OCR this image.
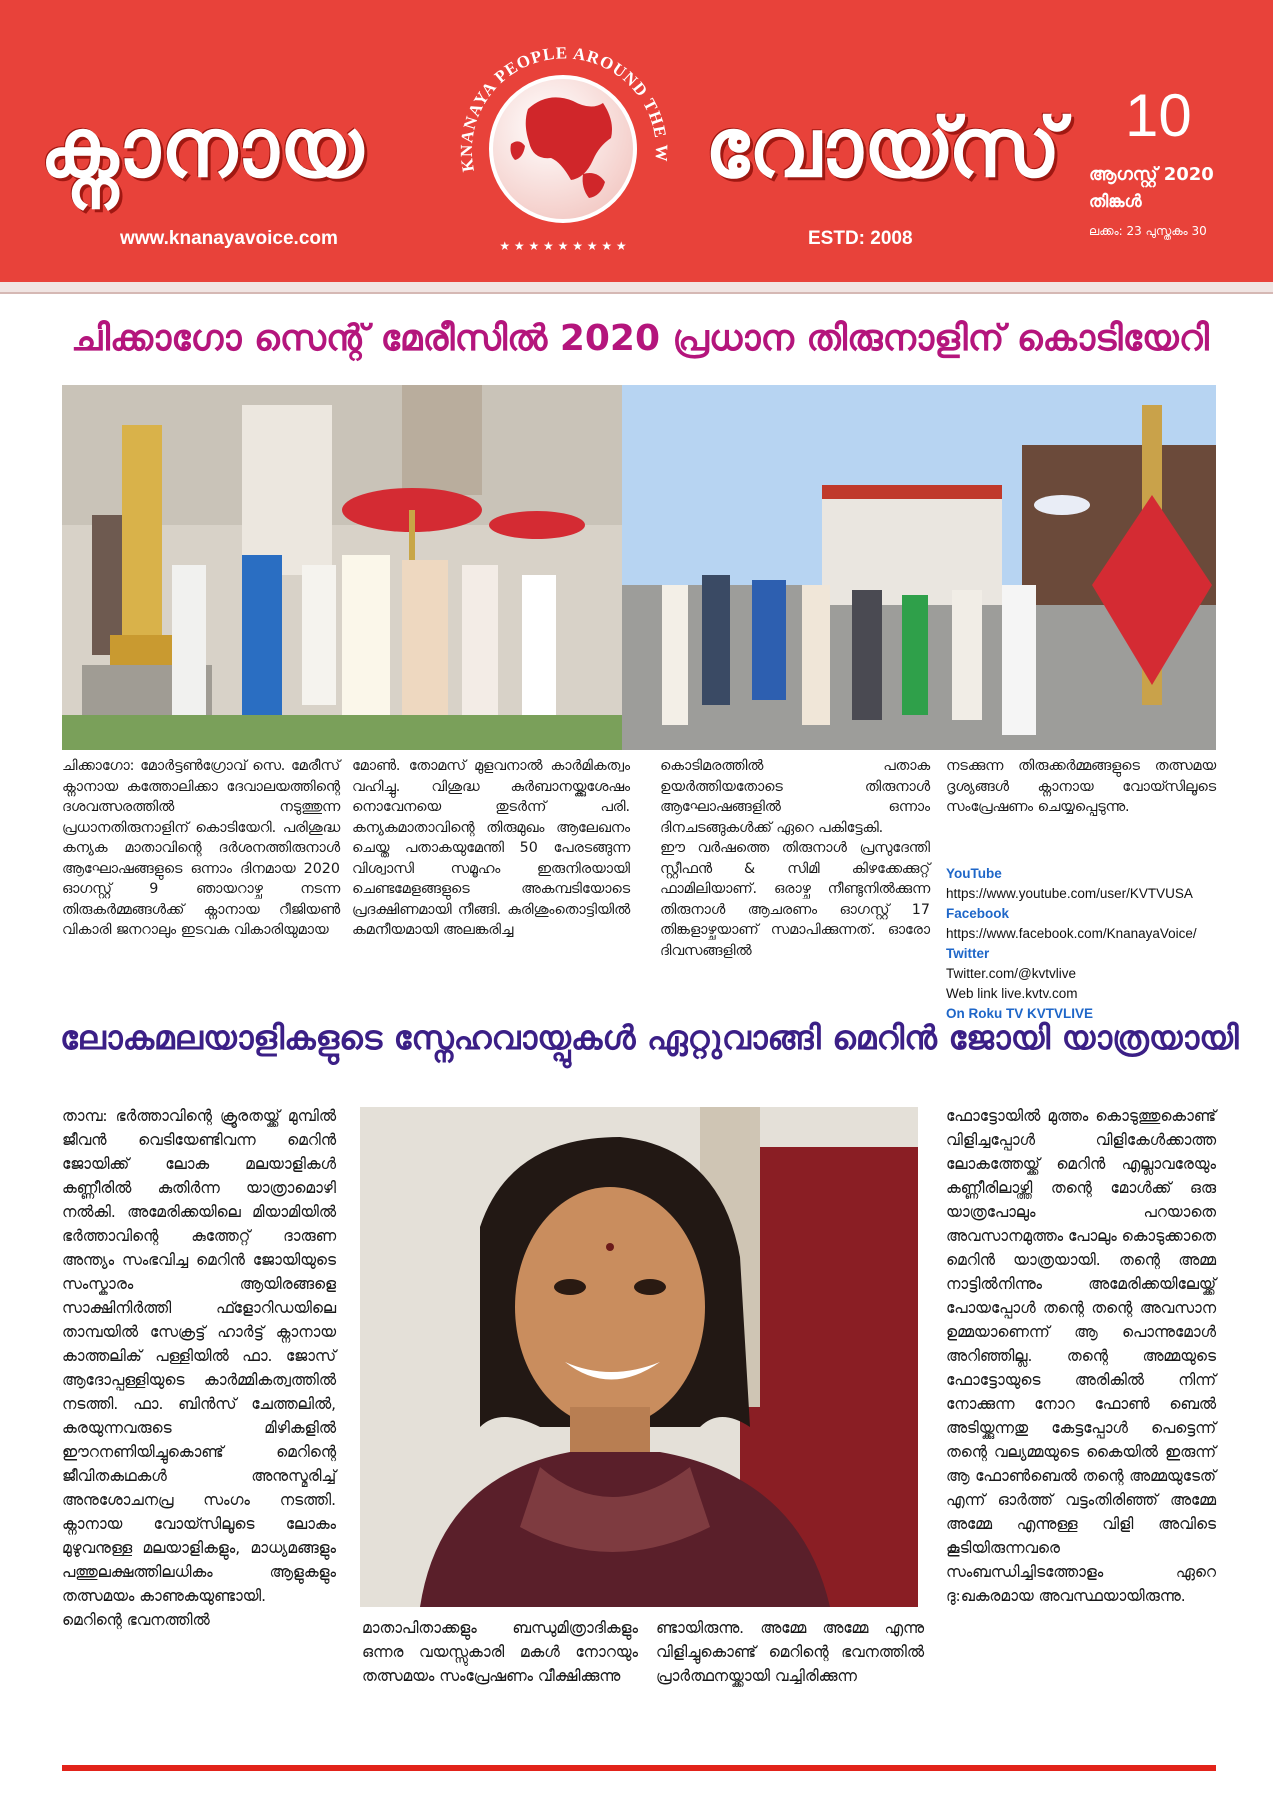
ക്നാനായ	KNANAYA PEOPLE AROUND THE W
★ ★ ★ ★ ★ ★ ★ ★ ★
വോയ്സ്
www.knanayavoice.com	ESTD: 2008
10
ആഗസ്റ്റ് 2020
തിങ്കൾ
ലക്കം: 23 പുസ്തകം 30
ചിക്കാഗോ സെന്റ് മേരീസിൽ 2020 പ്രധാന തിരുനാളിന് കൊടിയേറി
ചിക്കാഗോ: മോർട്ടൺഗ്രോവ് സെ. മേരീസ് ക്നാനായ കത്തോലിക്കാ ദേവാലയത്തിന്റെ ദശവത്സരത്തിൽ നടുത്തുന്ന പ്രധാനതിരുനാളിന് കൊടിയേറി. പരിശുദ്ധ കന്യക മാതാവിന്റെ ദർശനത്തിരുനാൾ ആഘോഷങ്ങളുടെ ഒന്നാം ദിനമായ 2020 ഓഗസ്റ്റ് 9 ഞായറാഴ്ച നടന്ന തിരുകർമ്മങ്ങൾക്ക് ക്നാനായ റീജിയൺ വികാരി ജനറാലും ഇടവക വികാരിയുമായ
മോൺ. തോമസ് മുളവനാൽ കാർമികത്വം വഹിച്ചു. വിശുദ്ധ കുർബാനയ്ക്കുശേഷം നൊവേനയെ തുടർന്ന് പരി. കന്യകമാതാവിന്റെ തിരുമുഖം ആലേഖനം ചെയ്ത പതാകയുമേന്തി 50 പേരടങ്ങുന്ന വിശ്വാസി സമൂഹം ഇരുനിരയായി ചെണ്ടമേളങ്ങളുടെ അകമ്പടിയോടെ പ്രദക്ഷിണമായി നീങ്ങി. കുരിശുംതൊട്ടിയിൽ കമനീയമായി അലങ്കരിച്ച
കൊടിമരത്തിൽ പതാക ഉയർത്തിയതോടെ തിരുനാൾ ആഘോഷങ്ങളിൽ ഒന്നാം ദിനചടങ്ങുകൾക്ക് ഏറെ പകിട്ടേകി.
ഈ വർഷത്തെ തിരുനാൾ പ്രസുദേന്തി സ്റ്റീഫൻ & സിമി കിഴക്കേക്കുറ്റ് ഫാമിലിയാണ്. ഒരാഴ്ച നീണ്ടുനിൽക്കുന്ന തിരുനാൾ ആചരണം ഓഗസ്റ്റ് 17 തിങ്കളാഴ്ചയാണ് സമാപിക്കുന്നത്. ഓരോ ദിവസങ്ങളിൽ
നടക്കുന്ന തിരുക്കർമ്മങ്ങളുടെ തത്സമയ ദൃശ്യങ്ങൾ ക്നാനായ വോയ്സിലൂടെ സംപ്രേഷണം ചെയ്യപ്പെടുന്നു.
YouTube
https://www.youtube.com/user/KVTVUSA
Facebook
https://www.facebook.com/KnanayaVoice/
Twitter
Twitter.com/@kvtvlive
Web link live.kvtv.com
On Roku TV KVTVLIVE
ലോകമലയാളികളുടെ സ്നേഹവായ്പുകൾ ഏറ്റുവാങ്ങി മെറിൻ ജോയി യാത്രയായി
താമ്പ: ഭർത്താവിന്റെ ക്രൂരതയ്ക്ക് മുമ്പിൽ ജീവൻ വെടിയേണ്ടിവന്ന മെറിൻ ജോയിക്ക് ലോക മലയാളികൾ കണ്ണീരിൽ കുതിർന്ന യാത്രാമൊഴി നൽകി. അമേരിക്കയിലെ മിയാമിയിൽ ഭർത്താവിന്റെ കുത്തേറ്റ് ദാരുണ അന്ത്യം സംഭവിച്ച മെറിൻ ജോയിയുടെ സംസ്കാരം ആയിരങ്ങളെ സാക്ഷിനിർത്തി ഫ്ളോറിഡയിലെ താമ്പയിൽ സേക്രട്ട് ഹാർട്ട് ക്നാനായ കാത്തലിക് പള്ളിയിൽ ഫാ. ജോസ് ആദോപ്പള്ളിയുടെ കാർമ്മികത്വത്തിൽ നടത്തി. ഫാ. ബിൻസ് ചേത്തലിൽ, കരയുന്നവരുടെ മിഴികളിൽ ഈറനണിയിച്ചുകൊണ്ട് മെറിന്റെ ജീവിതകഥകൾ അനുസ്മരിച്ച് അനുശോചനപ്ര സംഗം നടത്തി. ക്നാനായ വോയ്സിലൂടെ ലോകം മുഴുവനുള്ള മലയാളികളും, മാധ്യമങ്ങളും പത്തുലക്ഷത്തിലധികം ആളുകളും തത്സമയം കാണുകയുണ്ടായി.
മെറിന്റെ ഭവനത്തിൽ	മാതാപിതാക്കളും ബന്ധുമിത്രാദികളും ഒന്നര വയസ്സുകാരി മകൾ നോറയും തത്സമയം സംപ്രേഷണം വീക്ഷിക്കുന്നു
ണ്ടായിരുന്നു. അമ്മേ അമ്മേ എന്നു വിളിച്ചുകൊണ്ട് മെറിന്റെ ഭവനത്തിൽ പ്രാർത്ഥനയ്ക്കായി വച്ചിരിക്കുന്ന
ഫോട്ടോയിൽ മുത്തം കൊടുത്തുകൊണ്ട് വിളിച്ചപ്പോൾ വിളികേൾക്കാത്ത ലോകത്തേയ്ക്ക് മെറിൻ എല്ലാവരേയും കണ്ണീരിലാഴ്ത്തി തന്റെ മോൾക്ക് ഒരു യാത്രപോലും പറയാതെ അവസാനമുത്തം പോലും കൊടുക്കാതെ മെറിൻ യാത്രയായി. തന്റെ അമ്മ നാട്ടിൽനിന്നും അമേരിക്കയിലേയ്ക്ക് പോയപ്പോൾ തന്റെ തന്റെ അവസാന ഉമ്മയാണെന്ന് ആ പൊന്നുമോൾ അറിഞ്ഞില്ല. തന്റെ അമ്മയുടെ ഫോട്ടോയുടെ അരികിൽ നിന്ന് നോക്കുന്ന നോറ ഫോൺ ബെൽ അടിയ്ക്കുന്നതു കേട്ടപ്പോൾ പെട്ടെന്ന് തന്റെ വല്യമ്മയുടെ കൈയിൽ ഇരുന്ന് ആ ഫോൺബെൽ തന്റെ അമ്മയുടേത് എന്ന് ഓർത്ത് വട്ടംതിരിഞ്ഞ് അമ്മേ അമ്മേ എന്നുള്ള വിളി അവിടെ കൂടിയിരുന്നവരെ സംബന്ധിച്ചിടത്തോളം ഏറെ ദു:ഖകരമായ അവസ്ഥയായിരുന്നു.
